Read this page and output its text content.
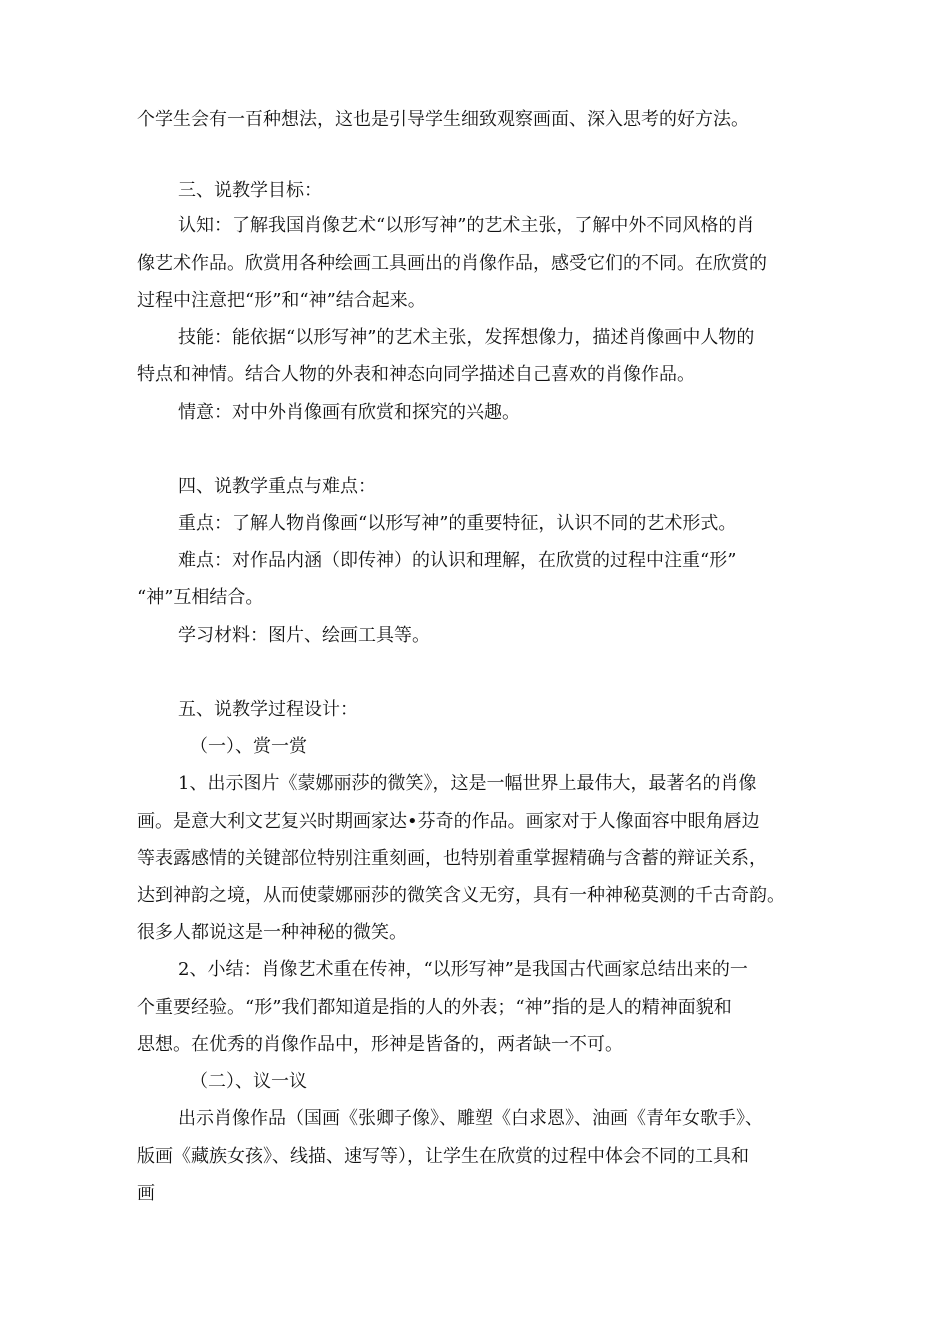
个学生会有一百种想法，这也是引导学生细致观察画面、深入思考的好方法。

三、说教学目标：

认知：了解我国肖像艺术“以形写神”的艺术主张，了解中外不同风格的肖

像艺术作品。欣赏用各种绘画工具画出的肖像作品，感受它们的不同。在欣赏的

过程中注意把“形”和“神”结合起来。

技能：能依据“以形写神”的艺术主张，发挥想像力，描述肖像画中人物的

特点和神情。结合人物的外表和神态向同学描述自己喜欢的肖像作品。

情意：对中外肖像画有欣赏和探究的兴趣。

四、说教学重点与难点：

重点：了解人物肖像画“以形写神”的重要特征，认识不同的艺术形式。

难点：对作品内涵（即传神）的认识和理解，在欣赏的过程中注重“形”

“神”互相结合。

学习材料：图片、绘画工具等。

五、说教学过程设计：

（一）、赏一赏

1、出示图片《蒙娜丽莎的微笑》，这是一幅世界上最伟大，最著名的肖像

画。是意大利文艺复兴时期画家达•芬奇的作品。画家对于人像面容中眼角唇边

等表露感情的关键部位特别注重刻画，也特别着重掌握精确与含蓄的辩证关系，

达到神韵之境，从而使蒙娜丽莎的微笑含义无穷，具有一种神秘莫测的千古奇韵。

很多人都说这是一种神秘的微笑。

2、小结：肖像艺术重在传神，“以形写神”是我国古代画家总结出来的一

个重要经验。“形”我们都知道是指的人的外表；“神”指的是人的精神面貌和

思想。在优秀的肖像作品中，形神是皆备的，两者缺一不可。

（二）、议一议

出示肖像作品（国画《张卿子像》、雕塑《白求恩》、油画《青年女歌手》、

版画《藏族女孩》、线描、速写等），让学生在欣赏的过程中体会不同的工具和

画
